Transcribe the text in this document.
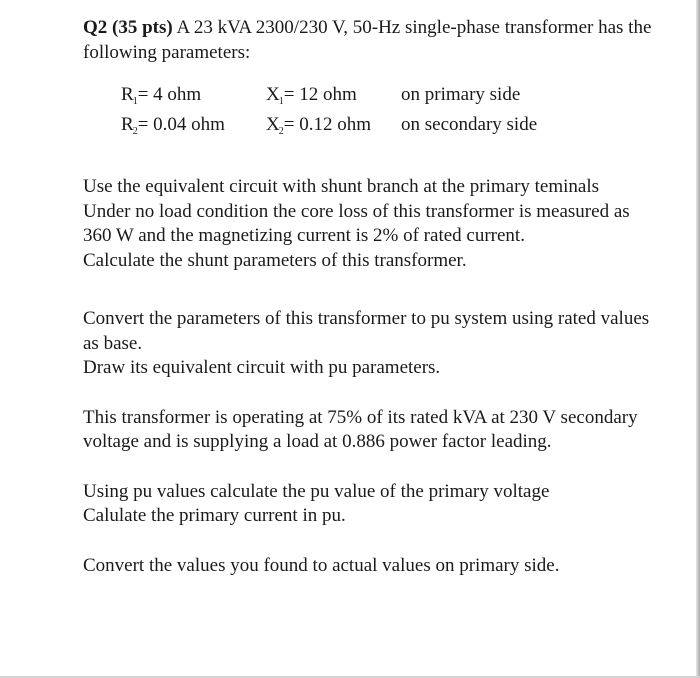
Q2 (35 pts) A 23 kVA 2300/230 V, 50-Hz single-phase transformer has the following parameters:

R1= 4 ohm	X1= 12 ohm on primary side
R2= 0.04 ohm X2= 0.12 ohm on secondary side

Use the equivalent circuit with shunt branch at the primary teminals

Under no load condition the core loss of this transformer is measured as 360 W and the magnetizing current is 2% of rated current.

Calculate the shunt parameters of this transformer.

Convert the parameters of this transformer to pu system using rated values as base.

Draw its equivalent circuit with pu parameters.

This transformer is operating at 75% of its rated kVA at 230 V secondary voltage and is supplying a load at 0.886 power factor leading.

Using pu values calculate the pu value of the primary voltage

Calulate the primary current in pu.

Convert the values you found to actual values on primary side.
